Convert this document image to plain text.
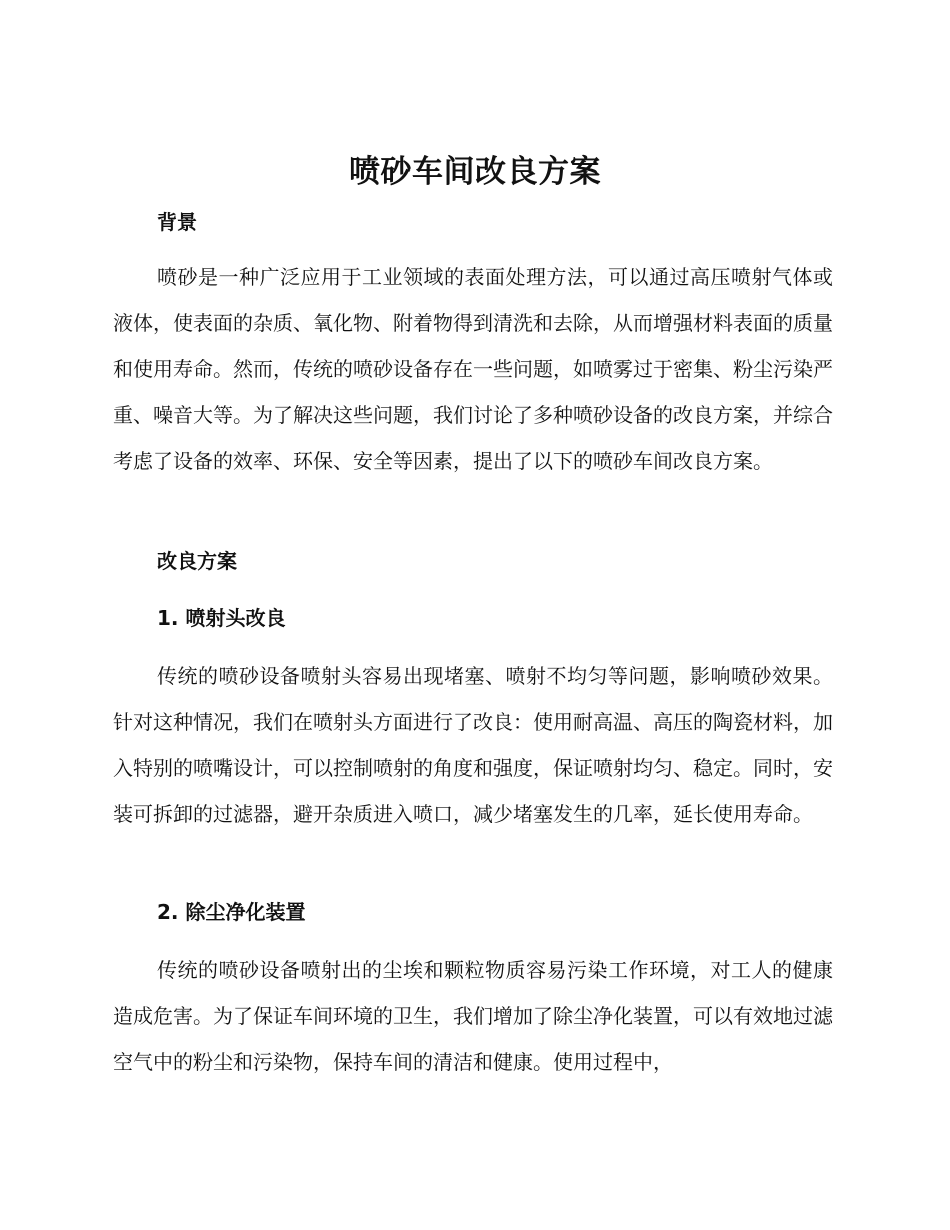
喷砂车间改良方案
背景
喷砂是一种广泛应用于工业领域的表面处理方法，可以通过高压喷射气体或液体，使表面的杂质、氧化物、附着物得到清洗和去除，从而增强材料表面的质量和使用寿命。然而，传统的喷砂设备存在一些问题，如喷雾过于密集、粉尘污染严重、噪音大等。为了解决这些问题，我们讨论了多种喷砂设备的改良方案，并综合考虑了设备的效率、环保、安全等因素，提出了以下的喷砂车间改良方案。
改良方案
1. 喷射头改良
传统的喷砂设备喷射头容易出现堵塞、喷射不均匀等问题，影响喷砂效果。针对这种情况，我们在喷射头方面进行了改良：使用耐高温、高压的陶瓷材料，加入特别的喷嘴设计，可以控制喷射的角度和强度，保证喷射均匀、稳定。同时，安装可拆卸的过滤器，避开杂质进入喷口，减少堵塞发生的几率，延长使用寿命。
2. 除尘净化装置
传统的喷砂设备喷射出的尘埃和颗粒物质容易污染工作环境，对工人的健康造成危害。为了保证车间环境的卫生，我们增加了除尘净化装置，可以有效地过滤空气中的粉尘和污染物，保持车间的清洁和健康。使用过程中，
